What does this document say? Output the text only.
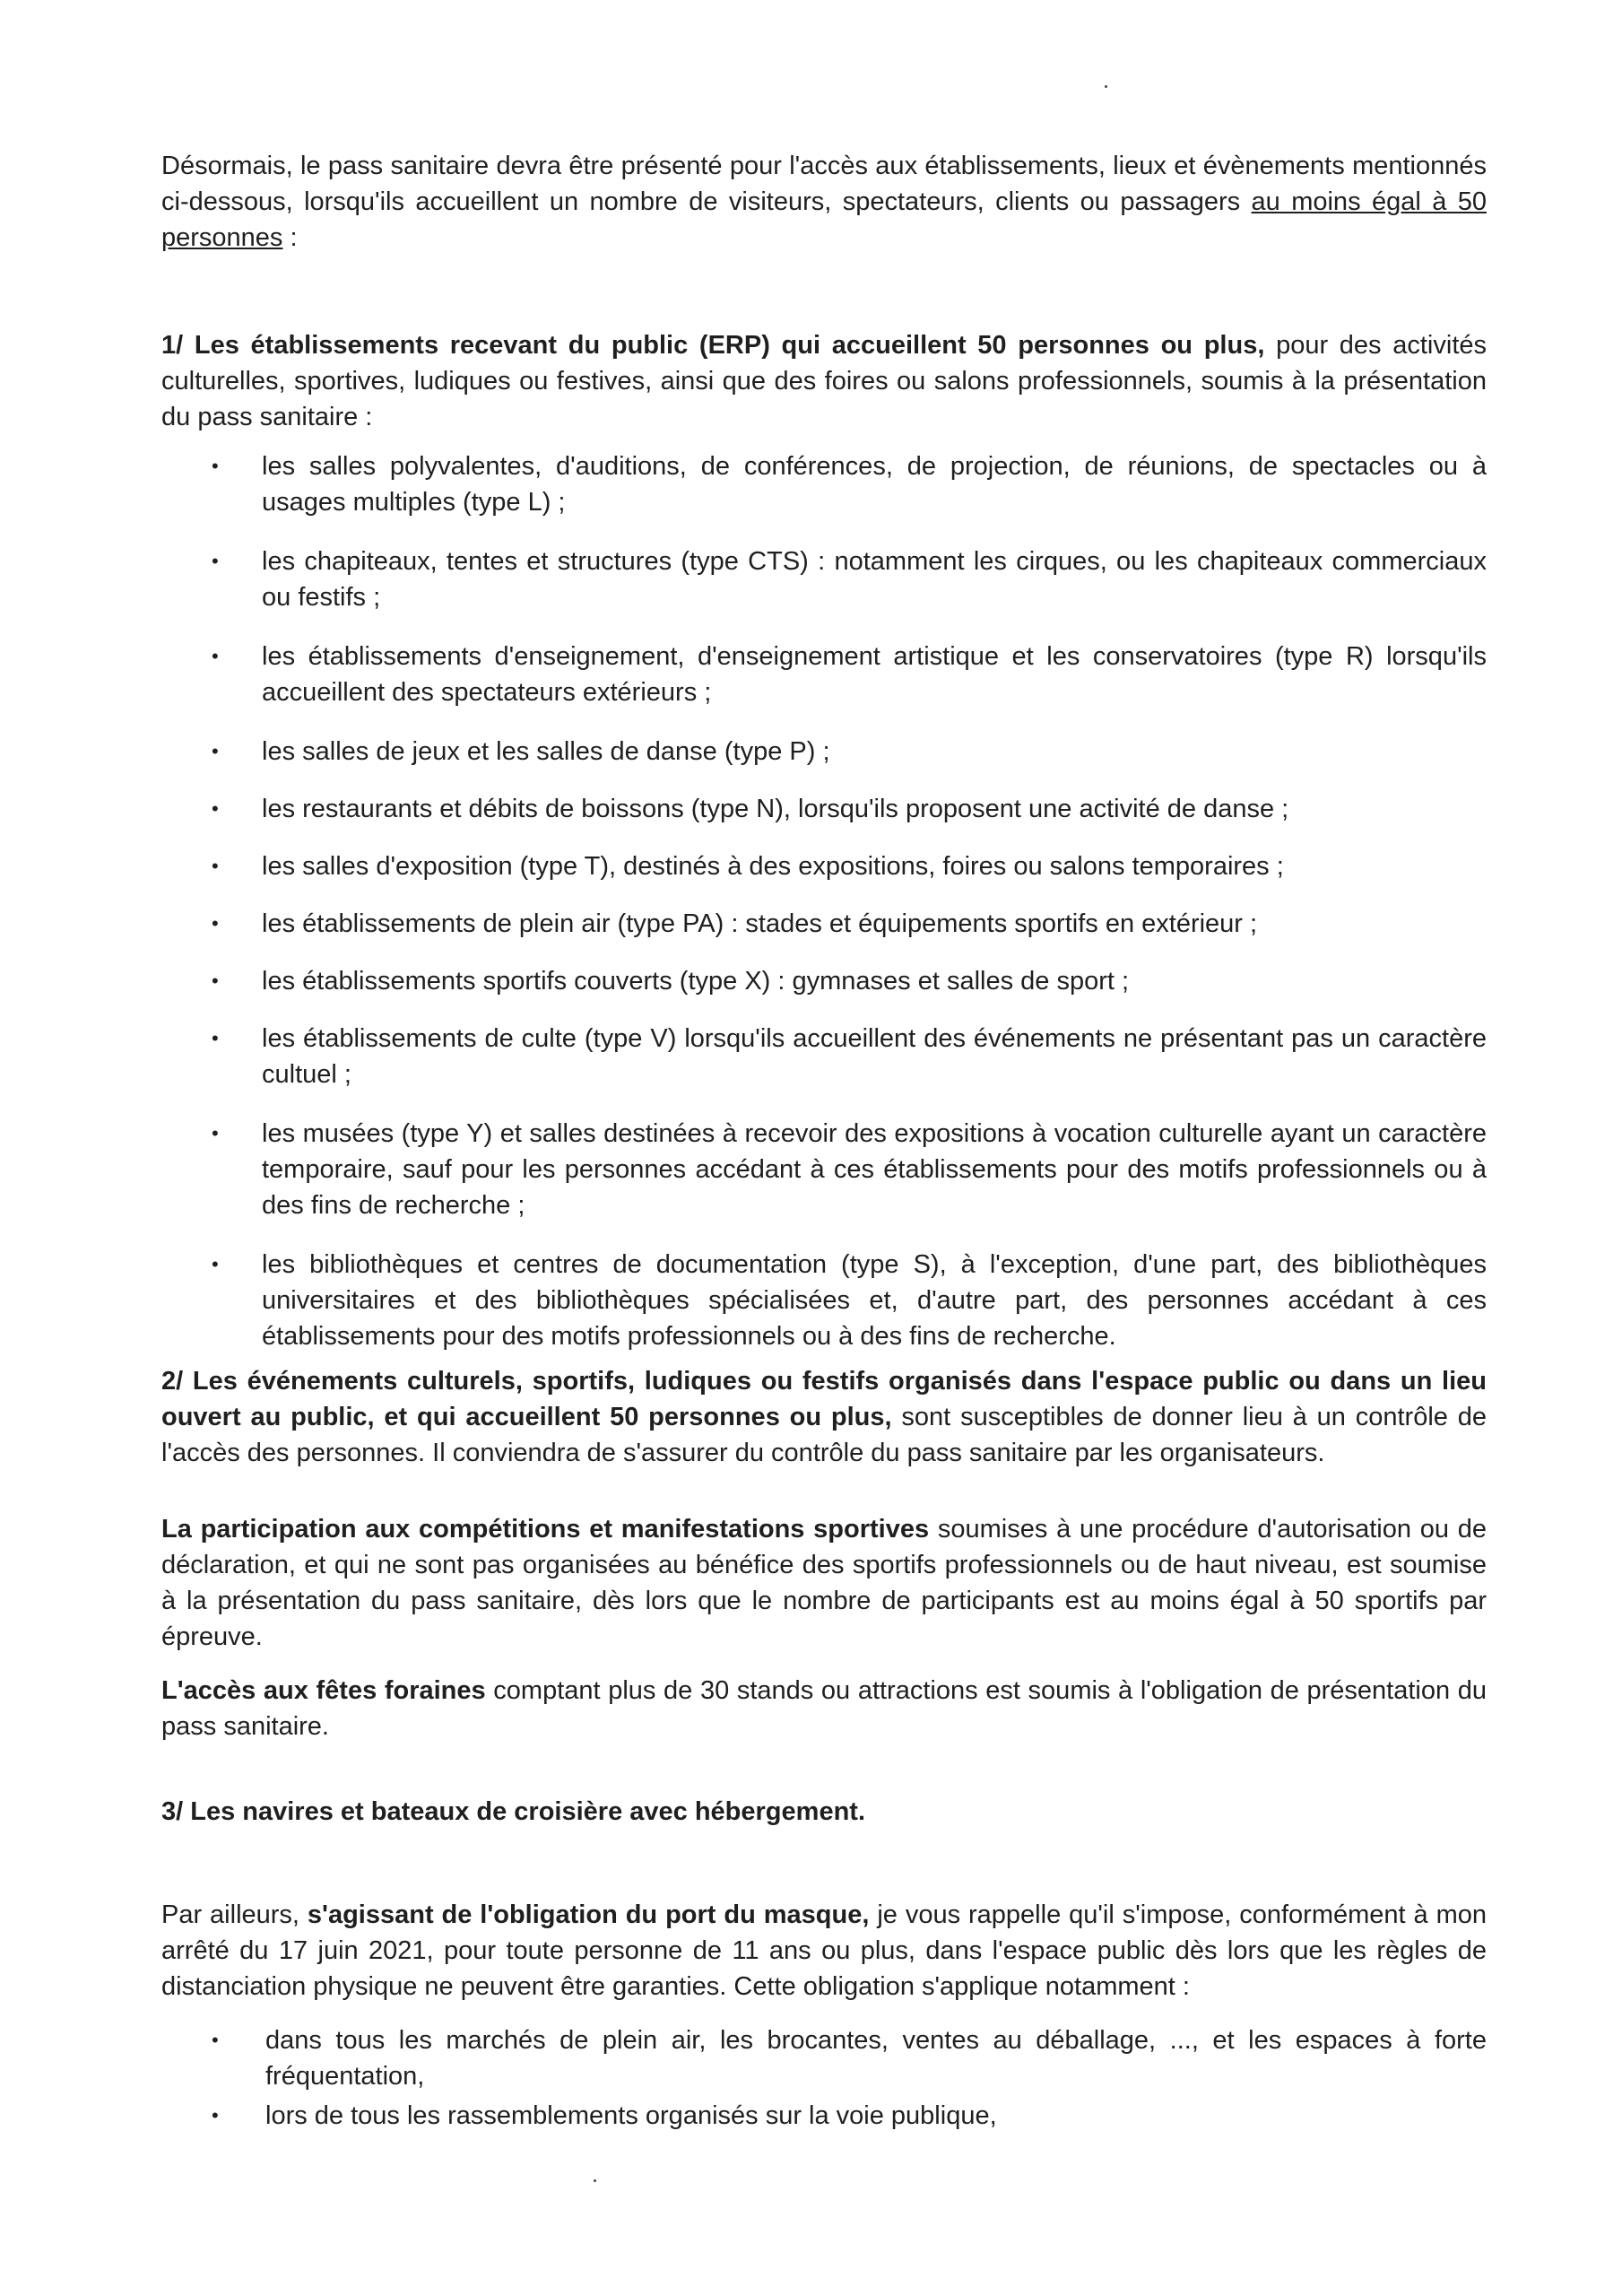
Désormais, le pass sanitaire devra être présenté pour l'accès aux établissements, lieux et évènements mentionnés ci-dessous, lorsqu'ils accueillent un nombre de visiteurs, spectateurs, clients ou passagers au moins égal à 50 personnes :

1/ Les établissements recevant du public (ERP) qui accueillent 50 personnes ou plus, pour des activités culturelles, sportives, ludiques ou festives, ainsi que des foires ou salons professionnels, soumis à la présentation du pass sanitaire :

• les salles polyvalentes, d'auditions, de conférences, de projection, de réunions, de spectacles ou à usages multiples (type L) ;
• les chapiteaux, tentes et structures (type CTS) : notamment les cirques, ou les chapiteaux commerciaux ou festifs ;
• les établissements d'enseignement, d'enseignement artistique et les conservatoires (type R) lorsqu'ils accueillent des spectateurs extérieurs ;
• les salles de jeux et les salles de danse (type P) ;
• les restaurants et débits de boissons (type N), lorsqu'ils proposent une activité de danse ;
• les salles d'exposition (type T), destinés à des expositions, foires ou salons temporaires ;
• les établissements de plein air (type PA) : stades et équipements sportifs en extérieur ;
• les établissements sportifs couverts (type X) : gymnases et salles de sport ;
• les établissements de culte (type V) lorsqu'ils accueillent des événements ne présentant pas un caractère cultuel ;
• les musées (type Y) et salles destinées à recevoir des expositions à vocation culturelle ayant un caractère temporaire, sauf pour les personnes accédant à ces établissements pour des motifs professionnels ou à des fins de recherche ;
• les bibliothèques et centres de documentation (type S), à l'exception, d'une part, des bibliothèques universitaires et des bibliothèques spécialisées et, d'autre part, des personnes accédant à ces établissements pour des motifs professionnels ou à des fins de recherche.

2/ Les événements culturels, sportifs, ludiques ou festifs organisés dans l'espace public ou dans un lieu ouvert au public, et qui accueillent 50 personnes ou plus, sont susceptibles de donner lieu à un contrôle de l'accès des personnes. Il conviendra de s'assurer du contrôle du pass sanitaire par les organisateurs.

La participation aux compétitions et manifestations sportives soumises à une procédure d'autorisation ou de déclaration, et qui ne sont pas organisées au bénéfice des sportifs professionnels ou de haut niveau, est soumise à la présentation du pass sanitaire, dès lors que le nombre de participants est au moins égal à 50 sportifs par épreuve.

L'accès aux fêtes foraines comptant plus de 30 stands ou attractions est soumis à l'obligation de présentation du pass sanitaire.

3/ Les navires et bateaux de croisière avec hébergement.

Par ailleurs, s'agissant de l'obligation du port du masque, je vous rappelle qu'il s'impose, conformément à mon arrêté du 17 juin 2021, pour toute personne de 11 ans ou plus, dans l'espace public dès lors que les règles de distanciation physique ne peuvent être garanties. Cette obligation s'applique notamment :

• dans tous les marchés de plein air, les brocantes, ventes au déballage, ..., et les espaces à forte fréquentation,
• lors de tous les rassemblements organisés sur la voie publique,
